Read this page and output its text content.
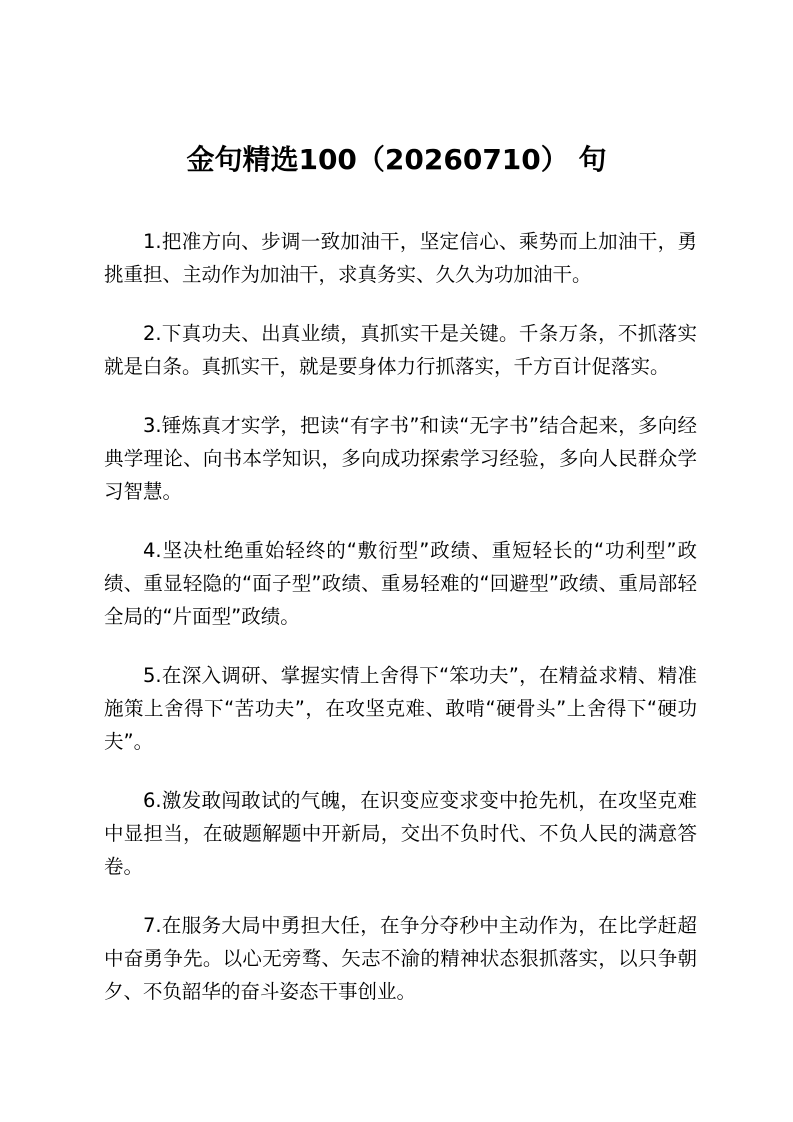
金句精选100（20260710） 句

1.把准方向、步调一致加油干，坚定信心、乘势而上加油干，勇挑重担、主动作为加油干，求真务实、久久为功加油干。

2.下真功夫、出真业绩，真抓实干是关键。千条万条，不抓落实就是白条。真抓实干，就是要身体力行抓落实，千方百计促落实。

3.锤炼真才实学，把读“有字书”和读“无字书”结合起来，多向经典学理论、向书本学知识，多向成功探索学习经验，多向人民群众学习智慧。

4.坚决杜绝重始轻终的“敷衍型”政绩、重短轻长的“功利型”政绩、重显轻隐的“面子型”政绩、重易轻难的“回避型”政绩、重局部轻全局的“片面型”政绩。

5.在深入调研、掌握实情上舍得下“笨功夫”，在精益求精、精准施策上舍得下“苦功夫”，在攻坚克难、敢啃“硬骨头”上舍得下“硬功夫”。

6.激发敢闯敢试的气魄，在识变应变求变中抢先机，在攻坚克难中显担当，在破题解题中开新局，交出不负时代、不负人民的满意答卷。

7.在服务大局中勇担大任，在争分夺秒中主动作为，在比学赶超中奋勇争先。以心无旁骛、矢志不渝的精神状态狠抓落实，以只争朝夕、不负韶华的奋斗姿态干事创业。
